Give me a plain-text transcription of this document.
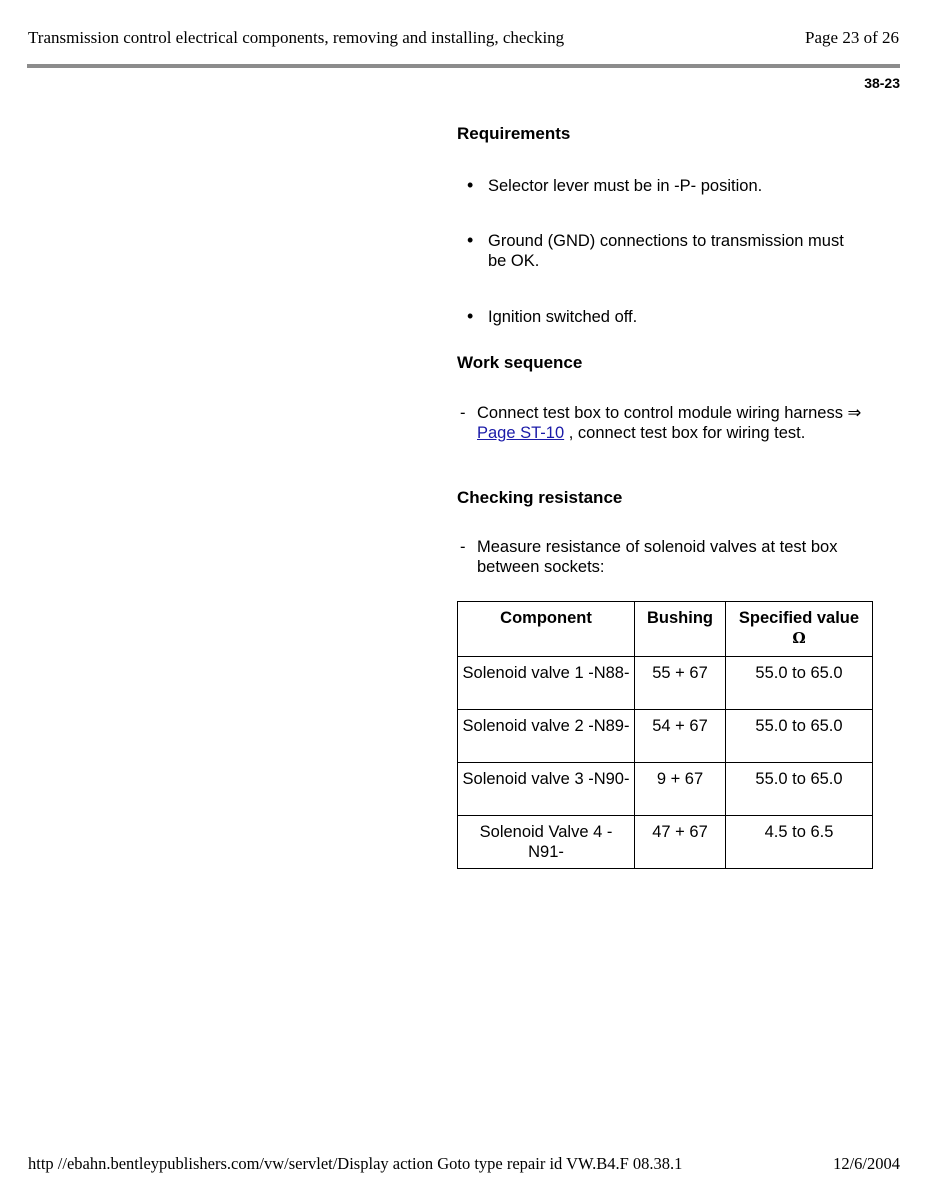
Transmission control electrical components, removing and installing, checking	Page 23 of 26
38-23
Requirements
• Selector lever must be in -P- position.
• Ground (GND) connections to transmission must be OK.
• Ignition switched off.
Work sequence
- Connect test box to control module wiring harness ⇒ Page ST-10 , connect test box for wiring test.
Checking resistance
- Measure resistance of solenoid valves at test box between sockets:
Component	Bushing	Specified value
Ω

Solenoid valve 1 -N88-	55 + 67	55.0 to 65.0
Solenoid valve 2 -N89-	54 + 67	55.0 to 65.0
Solenoid valve 3 -N90-	9 + 67	55.0 to 65.0
Solenoid Valve 4 -N91-	47 + 67	4.5 to 6.5
http //ebahn.bentleypublishers.com/vw/servlet/Display action Goto type repair id VW.B4.F 08.38.1	12/6/2004
